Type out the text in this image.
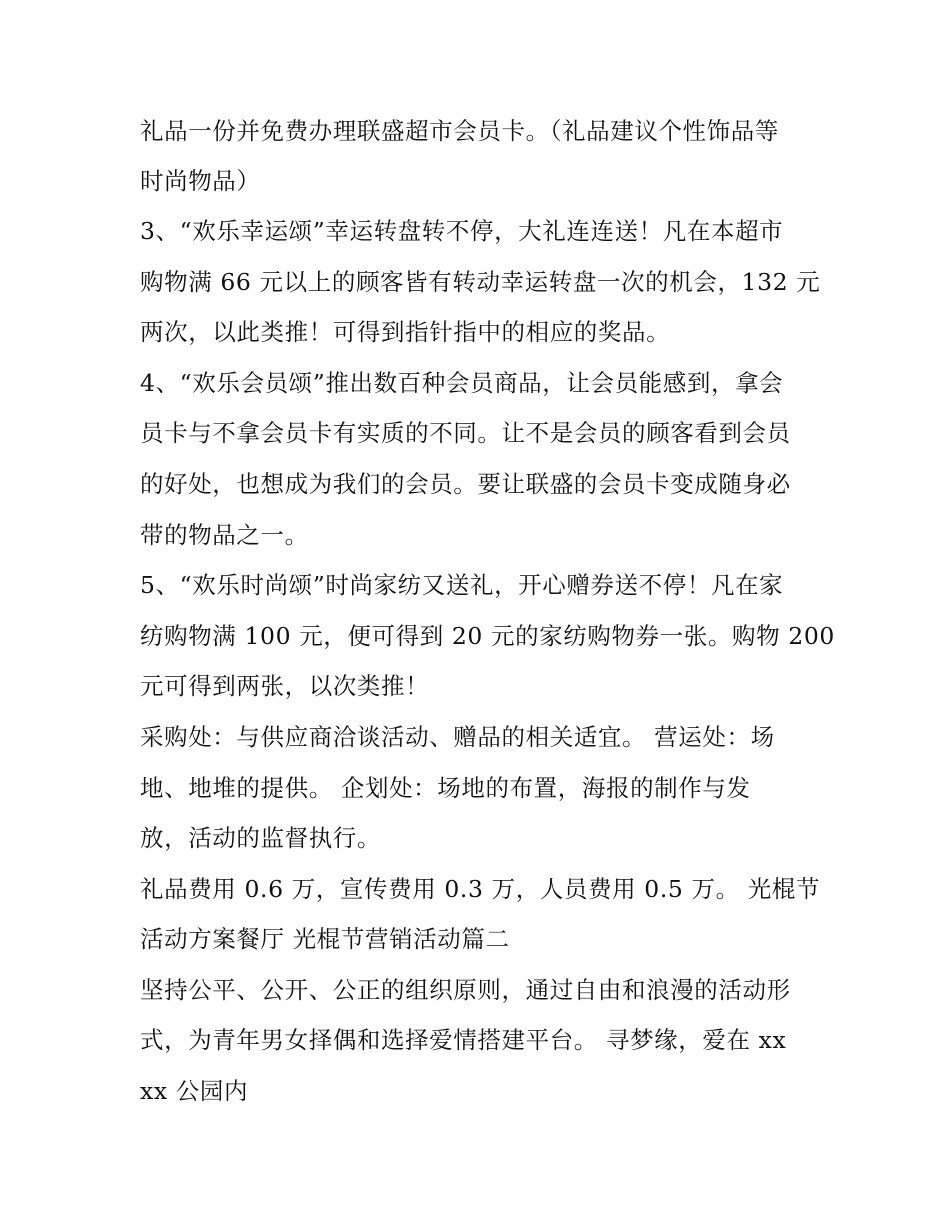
礼品一份并免费办理联盛超市会员卡。（礼品建议个性饰品等
时尚物品）
3、“欢乐幸运颂”幸运转盘转不停，大礼连连送！凡在本超市
购物满 66 元以上的顾客皆有转动幸运转盘一次的机会，132 元
两次，以此类推！可得到指针指中的相应的奖品。
4、“欢乐会员颂”推出数百种会员商品，让会员能感到，拿会
员卡与不拿会员卡有实质的不同。让不是会员的顾客看到会员
的好处，也想成为我们的会员。要让联盛的会员卡变成随身必
带的物品之一。
5、“欢乐时尚颂”时尚家纺又送礼，开心赠券送不停！凡在家
纺购物满 100 元，便可得到 20 元的家纺购物券一张。购物 200
元可得到两张，以次类推！
采购处：与供应商洽谈活动、赠品的相关适宜。 营运处：场
地、地堆的提供。 企划处：场地的布置，海报的制作与发
放，活动的监督执行。
礼品费用 0.6 万，宣传费用 0.3 万，人员费用 0.5 万。 光棍节
活动方案餐厅 光棍节营销活动篇二
坚持公平、公开、公正的组织原则，通过自由和浪漫的活动形
式，为青年男女择偶和选择爱情搭建平台。 寻梦缘，爱在 xx
xx 公园内
